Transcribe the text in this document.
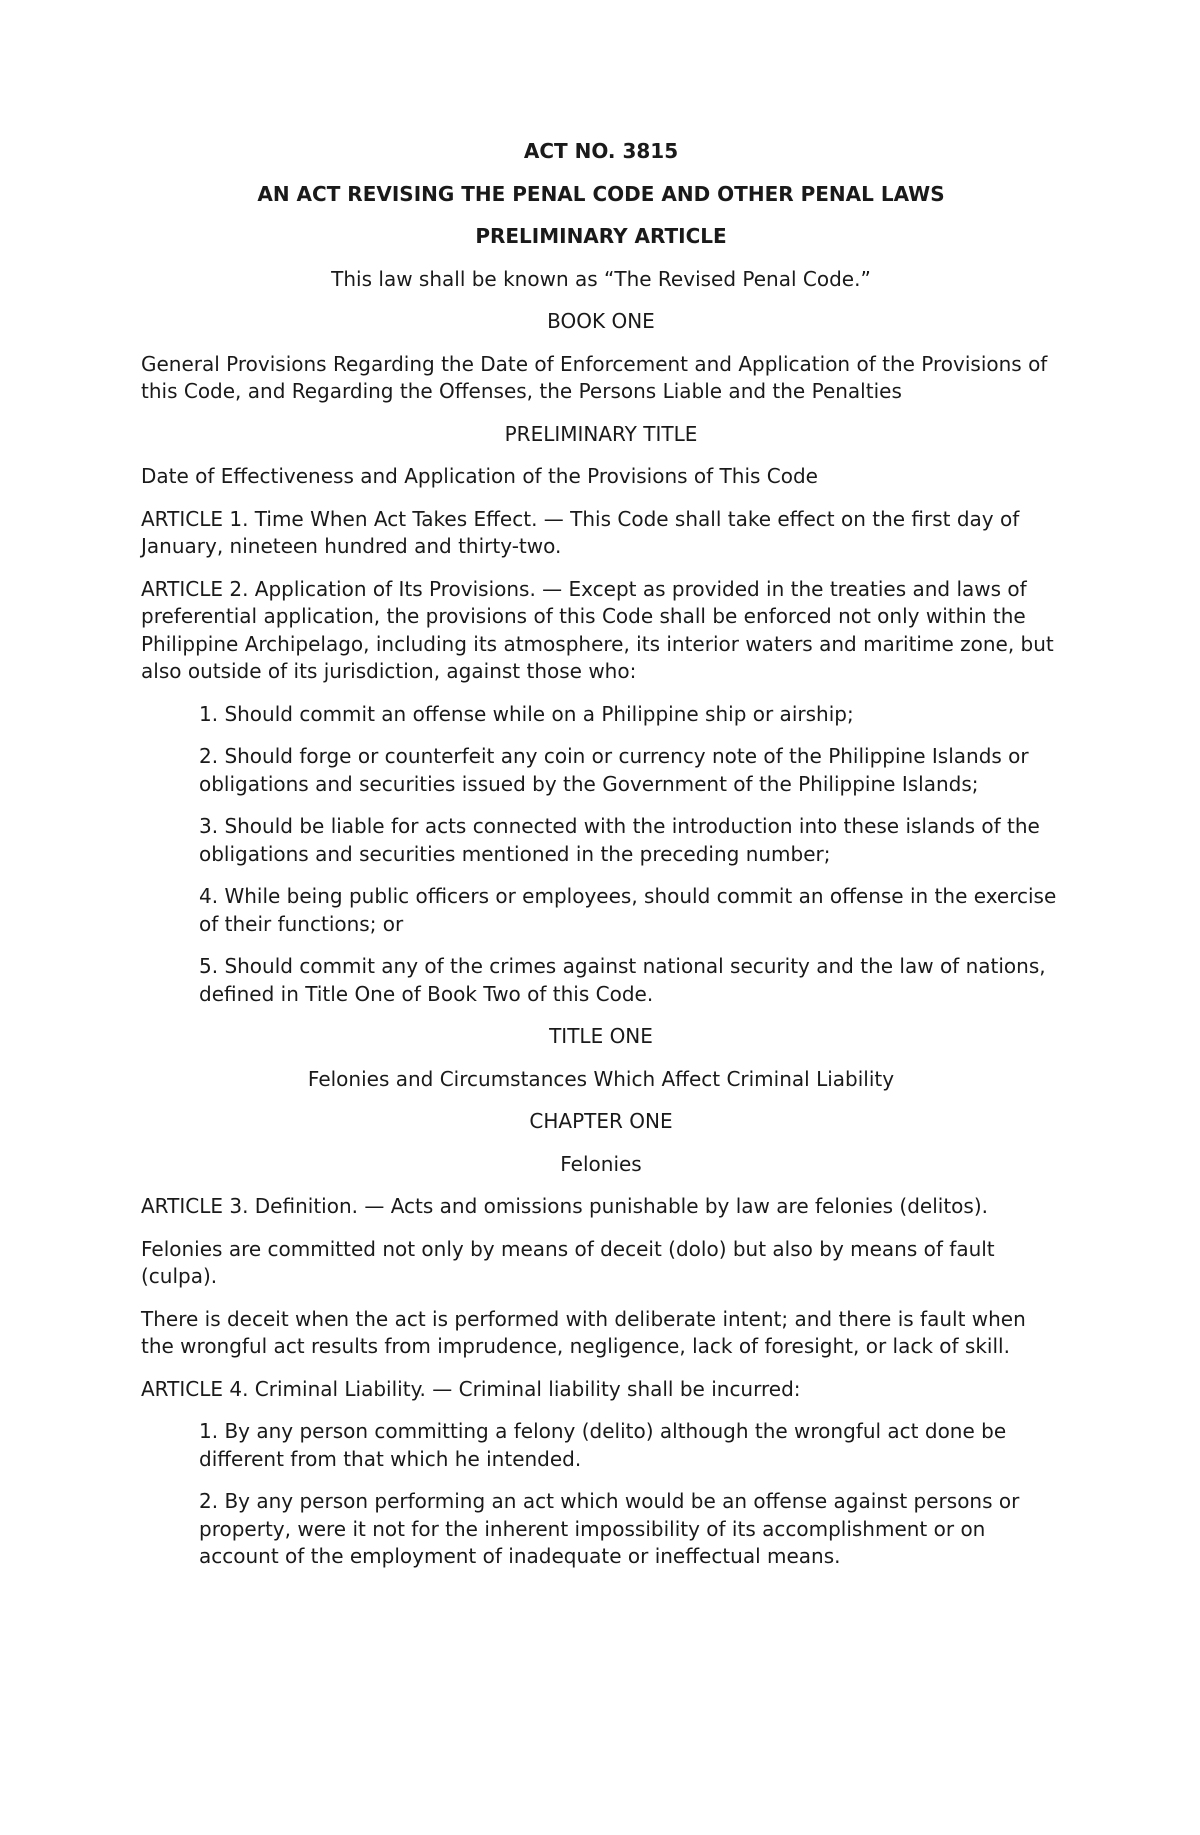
ACT NO. 3815

AN ACT REVISING THE PENAL CODE AND OTHER PENAL LAWS

PRELIMINARY ARTICLE

This law shall be known as “The Revised Penal Code.”

BOOK ONE

General Provisions Regarding the Date of Enforcement and Application of the Provisions of this Code, and Regarding the Offenses, the Persons Liable and the Penalties

PRELIMINARY TITLE

Date of Effectiveness and Application of the Provisions of This Code

ARTICLE 1. Time When Act Takes Effect. — This Code shall take effect on the first day of January, nineteen hundred and thirty-two.

ARTICLE 2. Application of Its Provisions. — Except as provided in the treaties and laws of preferential application, the provisions of this Code shall be enforced not only within the Philippine Archipelago, including its atmosphere, its interior waters and maritime zone, but also outside of its jurisdiction, against those who:

1. Should commit an offense while on a Philippine ship or airship;

2. Should forge or counterfeit any coin or currency note of the Philippine Islands or obligations and securities issued by the Government of the Philippine Islands;

3. Should be liable for acts connected with the introduction into these islands of the obligations and securities mentioned in the preceding number;

4. While being public officers or employees, should commit an offense in the exercise of their functions; or

5. Should commit any of the crimes against national security and the law of nations, defined in Title One of Book Two of this Code.

TITLE ONE

Felonies and Circumstances Which Affect Criminal Liability

CHAPTER ONE

Felonies

ARTICLE 3. Definition. — Acts and omissions punishable by law are felonies (delitos).

Felonies are committed not only by means of deceit (dolo) but also by means of fault (culpa).

There is deceit when the act is performed with deliberate intent; and there is fault when the wrongful act results from imprudence, negligence, lack of foresight, or lack of skill.

ARTICLE 4. Criminal Liability. — Criminal liability shall be incurred:

1. By any person committing a felony (delito) although the wrongful act done be different from that which he intended.

2. By any person performing an act which would be an offense against persons or property, were it not for the inherent impossibility of its accomplishment or on account of the employment of inadequate or ineffectual means.
